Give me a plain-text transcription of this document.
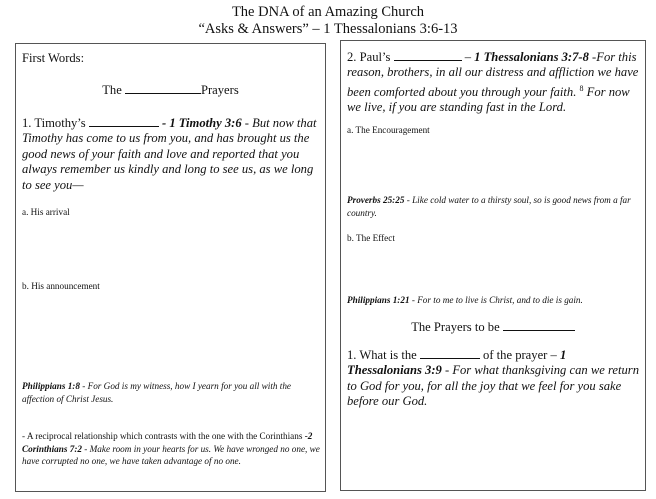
The DNA of an Amazing Church
“Asks & Answers” – 1 Thessalonians 3:6-13
First Words:
The	Prayers
1. Timothy’s	- 1 Timothy 3:6 - But now that Timothy has come to us from you, and has brought us the good news of your faith and love and reported that you always remember us kindly and long to see us, as we long to see you—
a. His arrival
b. His announcement
Philippians 1:8 - For God is my witness, how I yearn for you all with the affection of Christ Jesus.
- A reciprocal relationship which contrasts with the one with the Corinthians -2 Corinthians 7:2 - Make room in your hearts for us. We have wronged no one, we have corrupted no one, we have taken advantage of no one.
2. Paul’s	– 1 Thessalonians 3:7-8 -For this reason, brothers, in all our distress and affliction we have been comforted about you through your faith. $^8$ For now we live, if you are standing fast in the Lord.
a. The Encouragement
Proverbs 25:25 - Like cold water to a thirsty soul, so is good news from a far country.
b. The Effect
Philippians 1:21 - For to me to live is Christ, and to die is gain.
The Prayers to be
1. What is the	of the prayer – 1 Thessalonians 3:9 - For what thanksgiving can we return to God for you, for all the joy that we feel for you sake before our God.
